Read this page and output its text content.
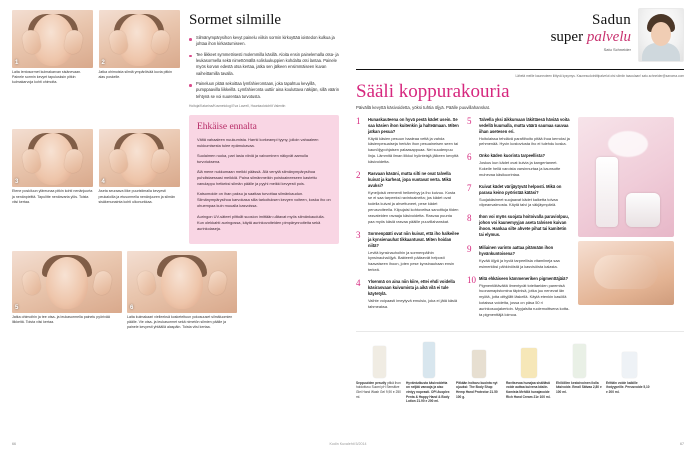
1
Laita lentosormet kulmakarvan sisänevaan. Painele sormin kevyet tapulusksin pitkin kulmakarvoja kohti ohimoita.
2
Jatka ohimoista silmiä ympäröivää kuvia pitkin alas poskelle.
3
Etene poskiluun yläreunaa pitkin kohti nenänjuurta ja nenänpielttä. Tapulitte nenänvarta ylös. Toista viisi kertaa.
4
Aseta seuraava liike puuristimalla kevyesti peukaloilla ja etusormella nenänjuuren ja silmän sisäkenunainta kohti ulkonurkkaa.
Sormet silmille
Silmänympärysihon kevyt painelu viilsin sormin kirkoyttää ioistedon kulkua ja johtaa ihon kirkastumiseen.
Tee liikkeet symmetrisesti molemmilla käsillä. Aloita ensin painelemalla otsa- ja leukasormella sekä nimettömällä solisluukuppien kohdalta otsi lantaa. Painele myös korvan edestä otsa kertaa, jatka sen jälkeen ensimmäiseen kuvan vaiheittamilla tavalla.
Paineluun pitää sekoittaa lymfahieromtaan, joka tapahtuu kevyillä, pumppaavilla liikkeillä. Lymfahieronta uuttiir aina kouluttava näkijän, sillä väärin tehtynä se voi suurentaa turvotusta.
Hoitoja/Katarina/Kosmetologi Eva Lavrell, Hauntaolotohtit Valentin
Ehkäise ennalta

Vältä vahaaleen nuukumista. Harrki korkeampi tyyny, jolloin vahaaleen nukkumisesta tulee epämukavaa.

Suolaimen ruoka, pari lasia viiniä ja valvominen näkyvät aamulla turvotuksena.

Älä mene nukkumaan meikki päässä. Älä venytä silmänympärysihoa puhdistaessasi meikkiä. Paina silmänmeikin poistoaineeseen kastettu vanulappu hetkeksi silmän päälle ja pyyhi meikki kevyesti pois.

Katsomoide on ihan paksu ja saattaa turvottaa silmänkaudun. Silmänympärysihoa karvokasa silla tarkoituksen kevyen voiteen, koska iho on ohuempaa kuin muualla kasvoissa.

Auringon UV-säteet pilttoåt suosion imittään uåtavat myös silmänkaudulla. Kun olekkahti auringossa, käytä aurinkovoiteiden pimpärynnoiteita sekä aurinkolaseja.

5
Jatka ohimoihin ja tee otsa- ja leukasormella painelu pyörivää liikkeitä. Toista viisi kertaa.
6
Laita kulmakaari vielleeksä kosketeltuun yokosuuset silmäluomien päälle. Vie otsa- ja leukasormet sekä nimetön silmien päälle ja painele kevyesti yhtäällä alaspäin. Toista viisi kertaa.
66
Sadun
super palvelu
Satu Schneider
Lähetä meille kauneuteen liittyvä kysymys. Kaunesudotnittipalvelut otsi silmiin taaoulaan! satu.schneider@sanoma.com
Sääli koppurakouria
Päivällä kevyttä käsivoidetta, yöksi tuhtia öljyä. Päälle puuvillahanskat.
1	Hunaskauteena on hyvä pestä kädet usein. Se saa käsien ihon kuitenkin ja halteämaan. Miten jatkan pesua?

Käytä käsien pesuun haaleaa vettä ja vahda käsienpesuaiseja herkän ihon pesuaineisen seen tai kaunöljypohjaisen palaasappuaa. Nei suudenpuu linja. Lämmitä ilman liikkui hyönteisjä jälkeen kevyttä käsivoidetta.

2	Rasvaan käsäni, mutta silti ne ovat talvella kuivat ja karheat, jopa vuotavat verta. Mikä avuksi?

Kyneljoisä vermenti heikenhyy ja iho kuivuu. Kosta se ei saa tarpeeksi ravintoaineita; jos kädet ovat todella kuivat ja ahvettuneet, pese kädet perusvoiteella. Kiipujaisi kohtoveitsa sanoittuja tiiden rasvateiden ravaaja käsivoidetta. Rasvaa puunta paa myös käsiä rasvaa pääille puuvillahanskat.

3	Sormenpääti ovat niin kuivat, että iho halkeilee ja kynsienauhat tikkaantuvat. Miten hoidan niitä?

Levitä kynsinauhoihin ja sormenpäihin kynsinauhaöljyä. Bakteerit pääsevät helposti haavaiseen ihoon, joten pese kynsinauhaan ensin terkeä.

4	Ylsenmä on aina niin kiire, ettei ehdi voidella käsirasvaan kuivumista ja aikä vilä ei tule käytetylä.

Vaihte voipaasti imeytyvä emulsio, joka ei jätä käsiä tahmeaksa.

5	Talvella yksi äikkumaan läkittäesä häviää voita vedellä kuumalla, mutta väärä saumaa sauvaa iihan asetesen eri.

Hoitolaissa tehdävä parafiihoito pitää ihoa kerroksi ja pehmenää. Hyvin kostovtusta iho ei tulehdu koska.

6	Onko käden kuorinta tarpeellista?

Joskus kun kädet ovat kuivia ja kangertaneet. Kokeile hellä varoista varsinnurtaa ja kaunsotte muhevaa käsikuorintaa.

7	Kuivat kädet värijäytyvät helposti. Mikä on parasa keino pyöristää kätäsi?

Suojakäsineet suojaavat kädet kaiketta tolvaa vilpeanvalmosta. Käytä talvi ja väkjäympäriä.

8	Ihon voi myös suojata hoitoivalla paraviolpuu, johon voi kaunemyyjan aseta talvisen kuivan ihoon. Hankaa silte ahvete pihat tai kamitetin tai elymus.

9	Miliainen varinto aattaa pitämään ihon hyvänkuntoisena?

Kyvää öljyä ja hyviä tarpeellisia vitamiineja saa esimerkiksi pähkinöistä ja kasvisöista kalasta.

10 Mitä ehkäiseen kämmeneriken pigmenttäjäiä?

Pigmentöitäväitä ilmentyvät toteltaeiden paremisä huonamapistomina täpinisä, jotka juu nenevat iän myötä, jotta oittyjiått läskellä. Käytä etenkin kasöllä kotaissa voidetta, jossa on päsa 50 ri aurinkosuojakertoin. Myyjalsita ruolemoittsena kotta-ta pigmenttäjä loimoa.

Seppuuiden pesutly pitkä ihon hoidottuvu Suomi pH Sensitive Glei Hand Wash Gel 9,90 e 250 ml.
Hyväntutkusta käsivoidetta on neljää vanoaja ja aiso vintyy nopeasti. OPI Avoplex Penta & Happy Hand & Body Lotion 21.90 e 200 ml.
Pitkään hoitavu kuointa nyt ojuuksi: The Body Shop Hemp Hand Protector 21.50 100 g.
Ravitsevaa hunajaa sisältävä voide auttaa kuivena käsiin. Kamista Mehiliä hunajavoide Rich Hand Cream 21e 100 ml.
Ehilöillen kestoivoinen ilolla käsivoide. Email Sätvaa 2,80 e 100 ml.
Erittäin voide kaikille ihotyypeille. Perusvoide 5,10 e 200 ml.
67
Kodin Kuvalehti 5/2014
